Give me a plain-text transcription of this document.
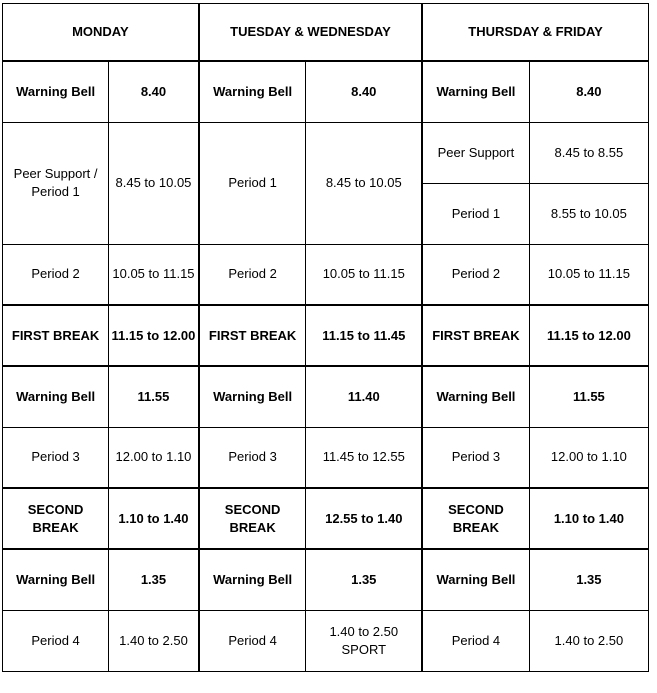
MONDAY		TUESDAY & WEDNESDAY		THURSDAY & FRIDAY	
Warning Bell	8.40	Warning Bell	8.40	Warning Bell	8.40
Peer Support / Period 1	8.45 to 10.05	Period 1	8.45 to 10.05	Peer Support	8.45 to 8.55
				Period 1	8.55 to 10.05
Period 2	10.05 to 11.15	Period 2	10.05 to 11.15	Period 2	10.05 to 11.15
FIRST BREAK	11.15 to 12.00	FIRST BREAK	11.15 to 11.45	FIRST BREAK	11.15 to 12.00
Warning Bell	11.55	Warning Bell	11.40	Warning Bell	11.55
Period 3	12.00 to 1.10	Period 3	11.45 to 12.55	Period 3	12.00 to 1.10
SECOND BREAK	1.10 to 1.40	SECOND BREAK	12.55 to 1.40	SECOND BREAK	1.10 to 1.40
Warning Bell	1.35	Warning Bell	1.35	Warning Bell	1.35
Period 4	1.40 to 2.50	Period 4	1.40 to 2.50 SPORT	Period 4	1.40 to 2.50
